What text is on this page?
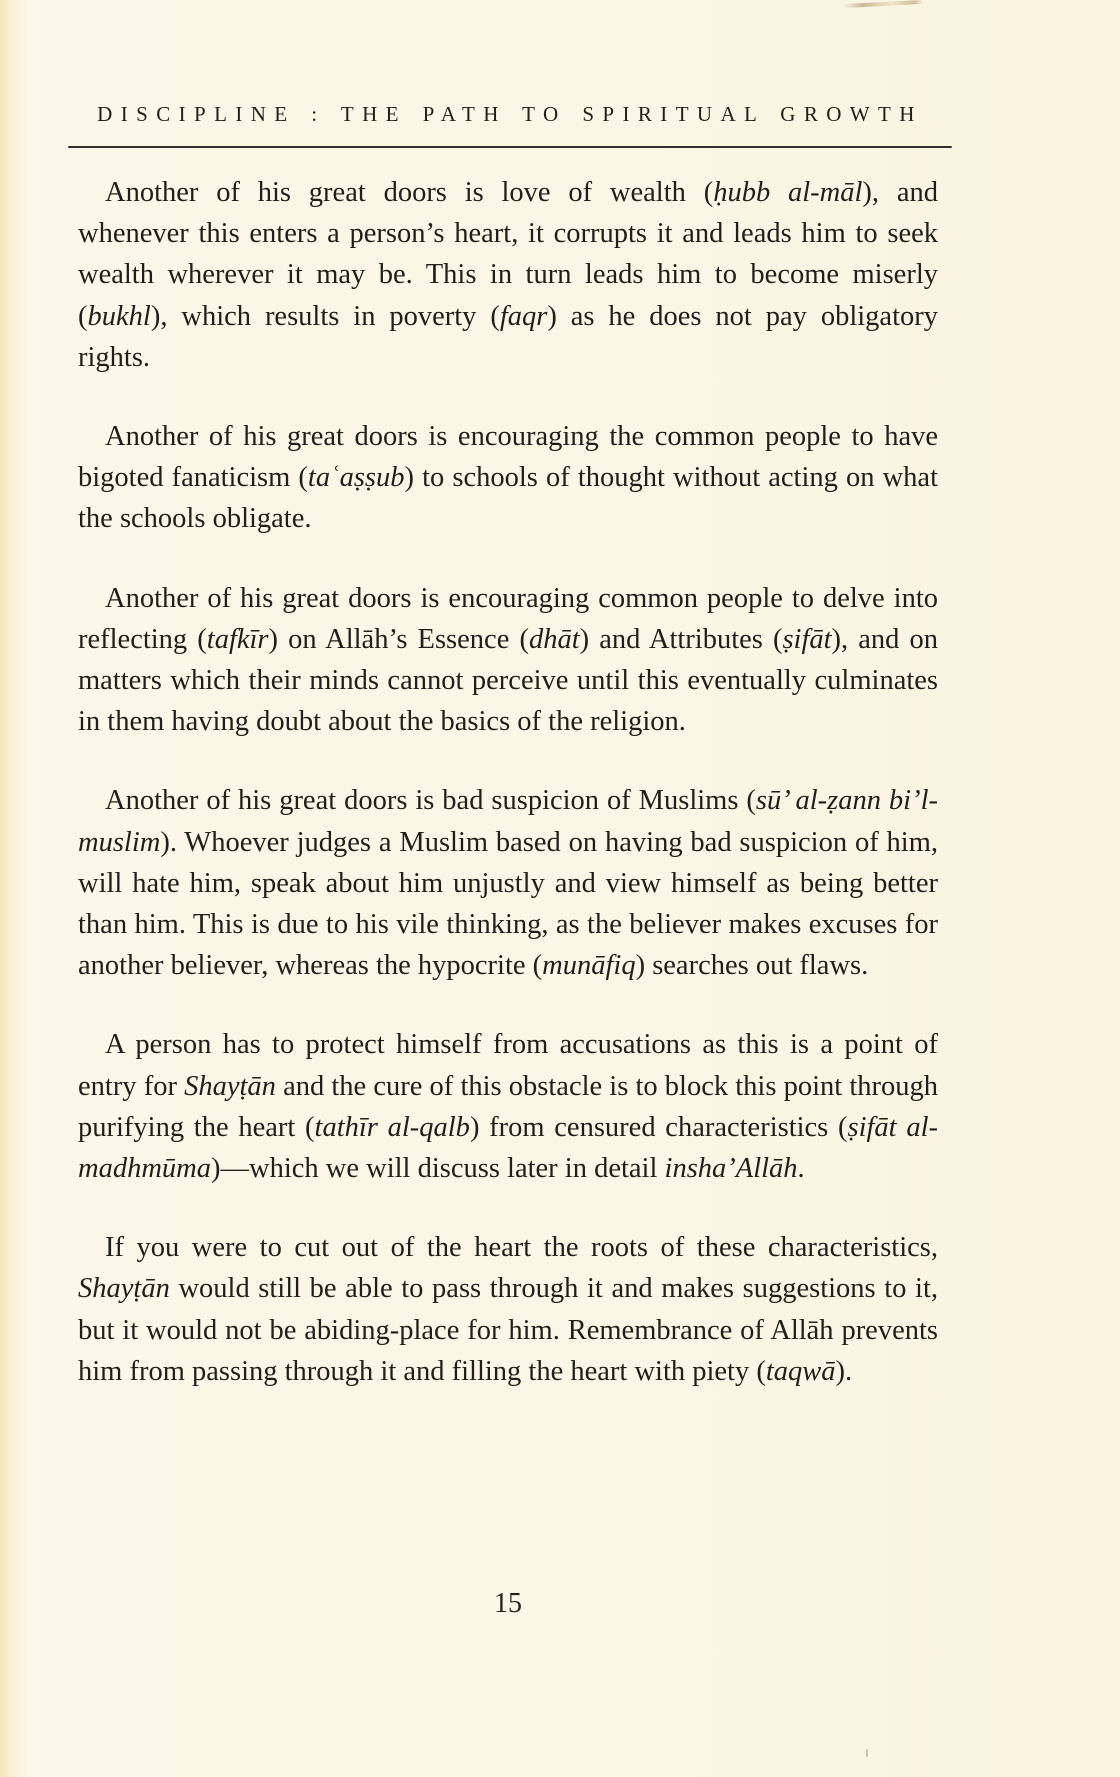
DISCIPLINE : THE PATH TO SPIRITUAL GROWTH

Another of his great doors is love of wealth (ḥubb al-māl), and whenever this enters a person’s heart, it corrupts it and leads him to seek wealth wherever it may be. This in turn leads him to become miserly (bukhl), which results in poverty (faqr) as he does not pay obligatory rights.

Another of his great doors is encouraging the common people to have bigoted fanaticism (taʿaṣṣub) to schools of thought without acting on what the schools obligate.

Another of his great doors is encouraging common people to delve into reflecting (tafkīr) on Allāh’s Essence (dhāt) and Attributes (ṣifāt), and on matters which their minds cannot perceive until this eventually culminates in them having doubt about the basics of the religion.

Another of his great doors is bad suspicion of Muslims (sū’ al-ẓann bi’l-muslim). Whoever judges a Muslim based on having bad suspicion of him, will hate him, speak about him unjustly and view himself as being better than him. This is due to his vile thinking, as the believer makes excuses for another believer, whereas the hypocrite (munāfiq) searches out flaws.

A person has to protect himself from accusations as this is a point of entry for Shayṭān and the cure of this obstacle is to block this point through purifying the heart (tathīr al-qalb) from censured characteristics (ṣifāt al-madhmūma)—which we will discuss later in detail insha’Allāh.

If you were to cut out of the heart the roots of these characteristics, Shayṭān would still be able to pass through it and makes suggestions to it, but it would not be abiding-place for him. Remembrance of Allāh prevents him from passing through it and filling the heart with piety (taqwā).

15
